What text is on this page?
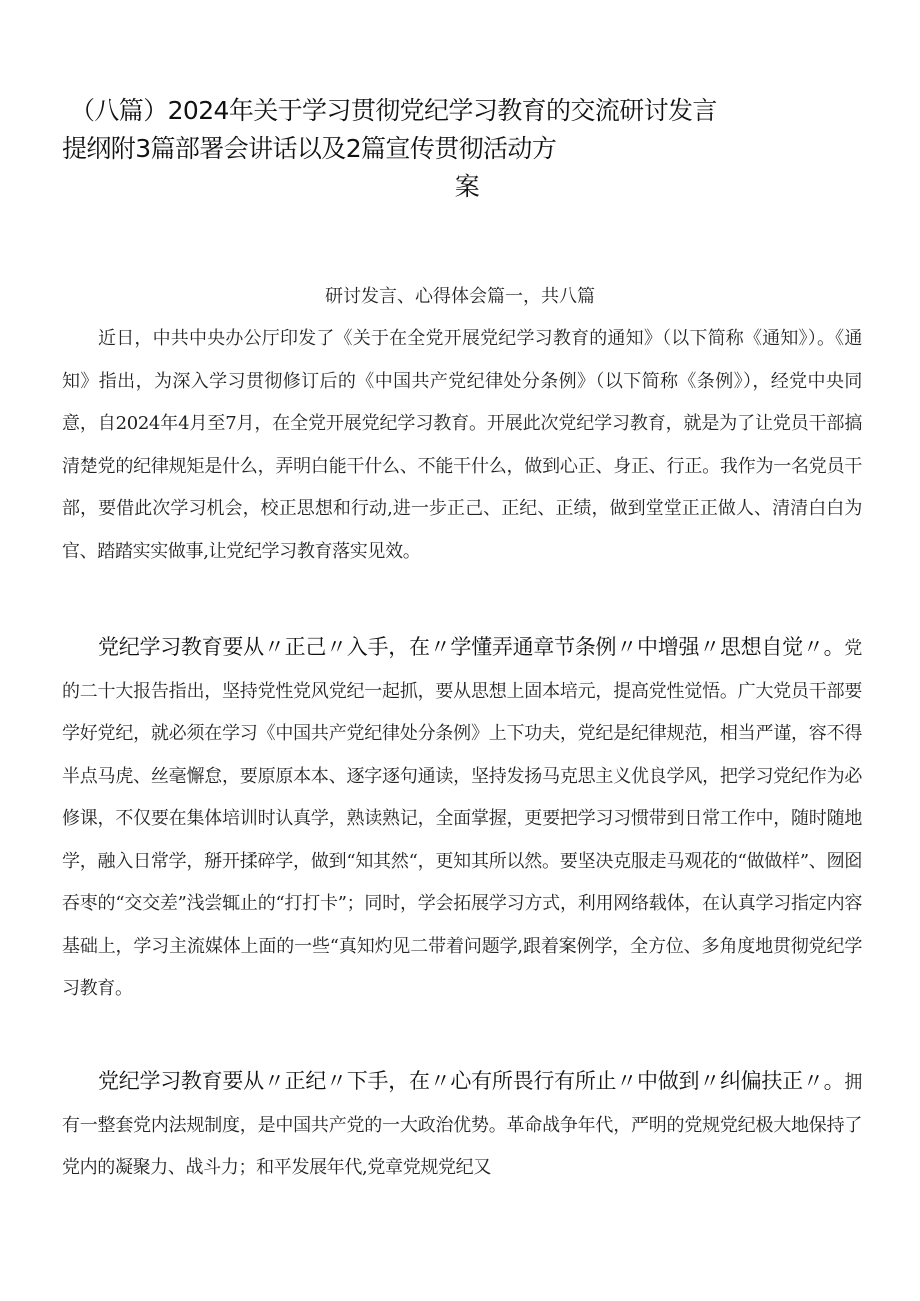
（八篇）2024年关于学习贯彻党纪学习教育的交流研讨发言
提纲附3篇部署会讲话以及2篇宣传贯彻活动方
案
研讨发言、心得体会篇一，共八篇

近日，中共中央办公厅印发了《关于在全党开展党纪学习教育的通知》（以下简称《通知》）。《通知》指出，为深入学习贯彻修订后的《中国共产党纪律处分条例》（以下简称《条例》），经党中央同意，自2024年4月至7月，在全党开展党纪学习教育。开展此次党纪学习教育，就是为了让党员干部搞清楚党的纪律规矩是什么，弄明白能干什么、不能干什么，做到心正、身正、行正。我作为一名党员干部，要借此次学习机会，校正思想和行动,进一步正己、正纪、正绩，做到堂堂正正做人、清清白白为官、踏踏实实做事,让党纪学习教育落实见效。

党纪学习教育要从〃正己〃入手，在〃学懂弄通章节条例〃中增强〃思想自觉〃。党的二十大报告指出，坚持党性党风党纪一起抓，要从思想上固本培元，提高党性觉悟。广大党员干部要学好党纪，就必须在学习《中国共产党纪律处分条例》上下功夫，党纪是纪律规范，相当严谨，容不得半点马虎、丝毫懈怠，要原原本本、逐字逐句通读，坚持发扬马克思主义优良学风，把学习党纪作为必修课，不仅要在集体培训时认真学，熟读熟记，全面掌握，更要把学习习惯带到日常工作中，随时随地学，融入日常学，掰开揉碎学，做到“知其然“，更知其所以然。要坚决克服走马观花的“做做样”、囫囵吞枣的“交交差”浅尝辄止的“打打卡”；同时，学会拓展学习方式，利用网络载体，在认真学习指定内容基础上，学习主流媒体上面的一些“真知灼见二带着问题学,跟着案例学，全方位、多角度地贯彻党纪学习教育。

党纪学习教育要从〃正纪〃下手，在〃心有所畏行有所止〃中做到〃纠偏扶正〃。拥有一整套党内法规制度，是中国共产党的一大政治优势。革命战争年代，严明的党规党纪极大地保持了党内的凝聚力、战斗力；和平发展年代,党章党规党纪又
